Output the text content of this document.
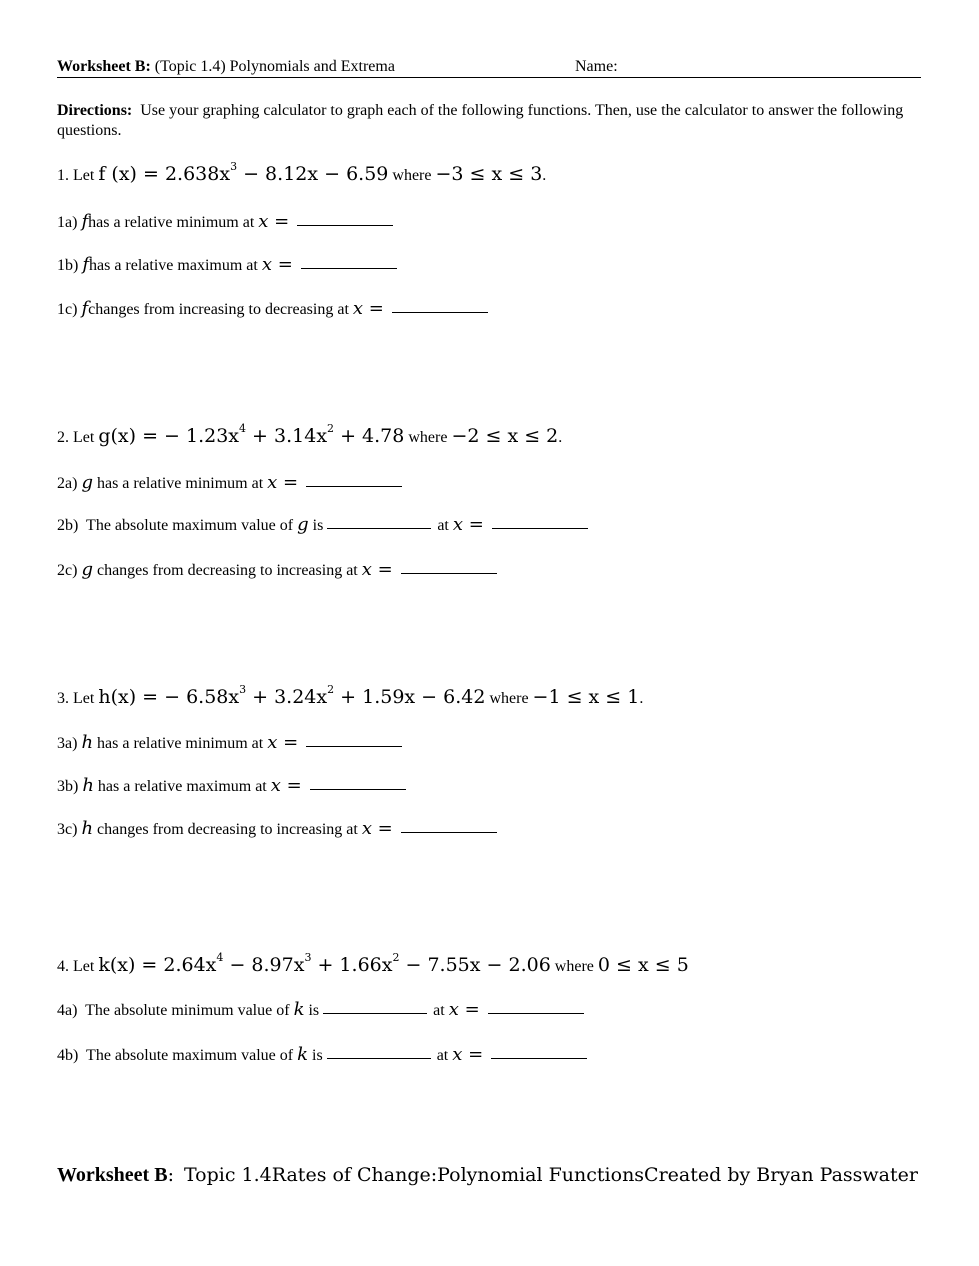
Worksheet B: (Topic 1.4) Polynomials and Extrema	Name:
Directions: Use your graphing calculator to graph each of the following functions. Then, use the calculator to answer the following questions.
1. Let f $(x) = 2.638x^3 - 8.12x - 6.59$ where −3 ≤ x ≤ 3.
1a) fhas a relative minimum at x =
1b) fhas a relative maximum at x =
1c) fchanges from increasing to decreasing at x =
2. Let g(x) = − $1.23x^4 + 3.14x^2 + 4.78$ where −2 ≤ x ≤ 2.
2a) g has a relative minimum at x =
2b) The absolute maximum value of g is	at x =
2c) g changes from decreasing to increasing at x =
3. Let h(x) = − $6.58x^3 + 3.24x^2 + 1.59x - 6.42$ where −1 ≤ x ≤ 1.
3a) h has a relative minimum at x =
3b) h has a relative maximum at x =
3c) h changes from decreasing to increasing at x =
4. Let $k(x) = 2.64x^4 - 8.97x^3 + 1.66x^2 - 7.55x - 2.06$ where 0 ≤ x ≤ 5
4a) The absolute minimum value of k is	at x =
4b) The absolute maximum value of k is	at x =
Worksheet B: Topic 1.4Rates of Change:Polynomial FunctionsCreated by Bryan Passwater
